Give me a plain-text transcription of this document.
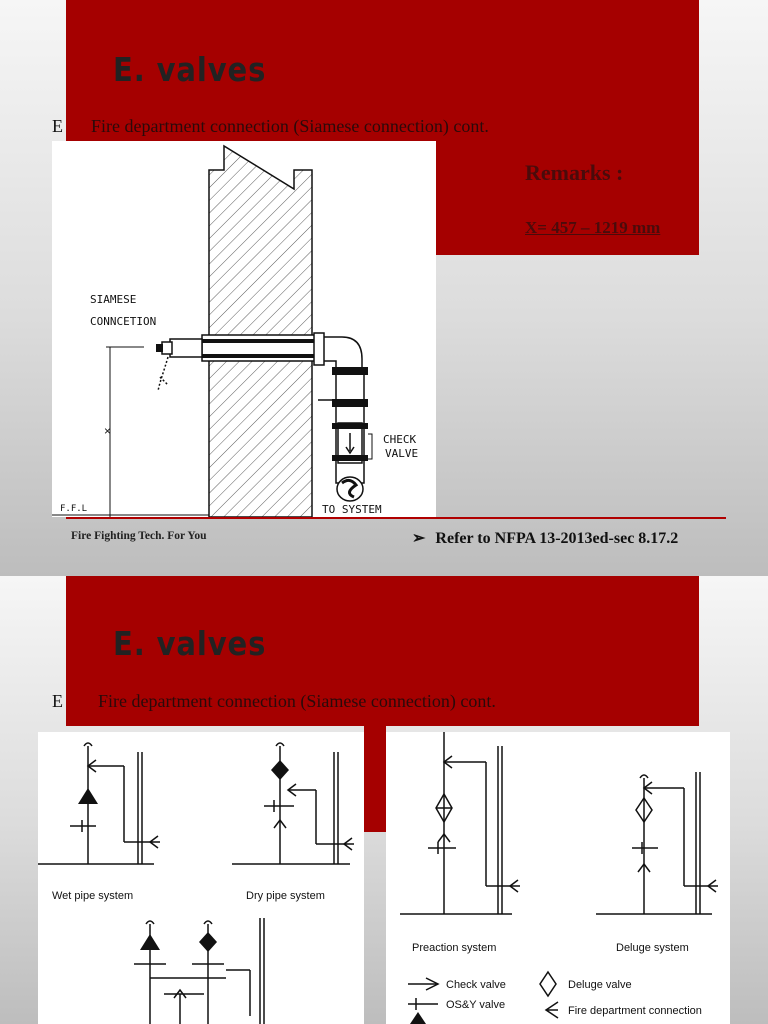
E. valves
E Fire department connection (Siamese connection) cont.
SIAMESE
CONNCETION
×
CHECK
VALVE
TO SYSTEM
F.F.L
Remarks :
X= 457 – 1219 mm
Fire Fighting Tech. For You	➢ Refer to NFPA 13-2013ed-sec 8.17.2
E. valves
E Fire department connection (Siamese connection) cont.
Wet pipe system	Dry pipe system
Preaction system	Deluge system
Check valve
OS&Y valve
Deluge valve
Fire department connection
